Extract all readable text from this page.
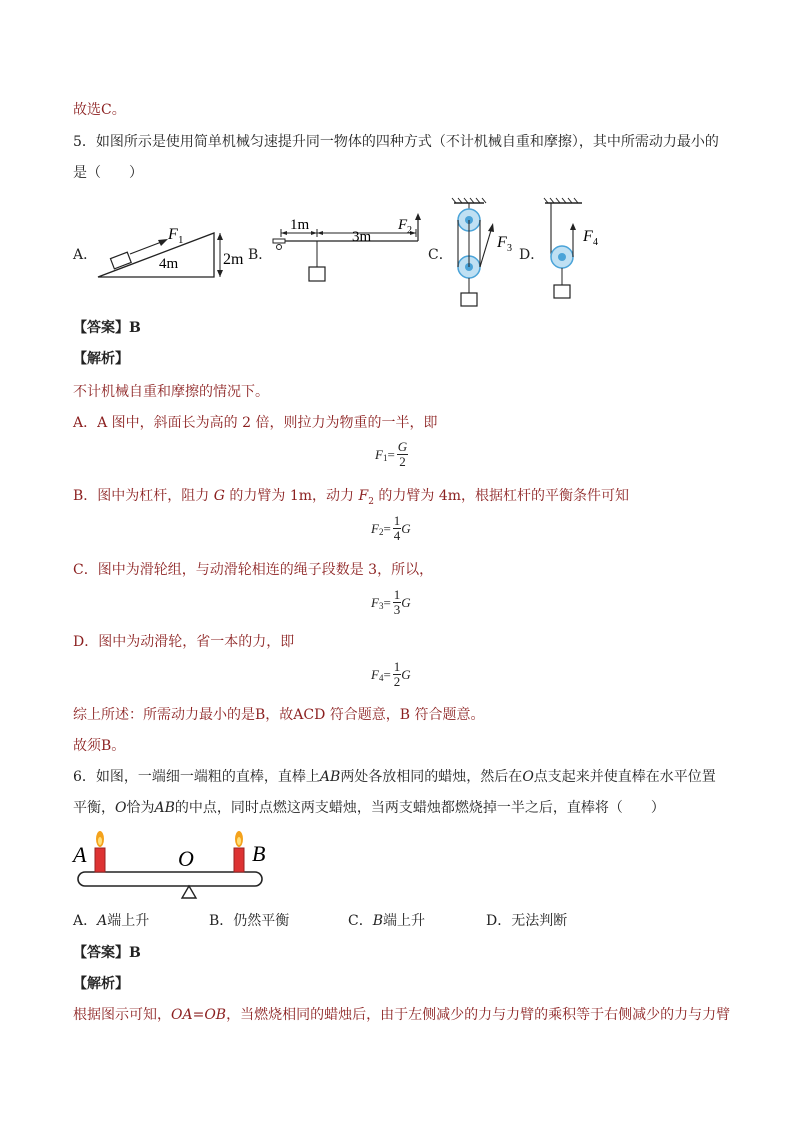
故选C。
5．如图所示是使用简单机械匀速提升同一物体的四种方式（不计机械自重和摩擦），其中所需动力最小的
是（　　）
A．	B．	C．	D．
F 1
4m	2m
1m
3m
F 2
F 3
F 4
【答案】B
【解析】
不计机械自重和摩擦的情况下。
A．A 图中，斜面长为高的 2 倍，则拉力为物重的一半，即
$F_1= \frac{G}{2}$
B．图中为杠杆，阻力 G 的力臂为 1m，动力 $F_2$ 的力臂为 4m，根据杠杆的平衡条件可知
$F_2= \frac{1}{4}$ G
C．图中为滑轮组，与动滑轮相连的绳子段数是 3，所以，
$F_3= \frac{1}{3}$ G
D．图中为动滑轮，省一本的力，即
$F_4= \frac{1}{2}$ G
综上所述：所需动力最小的是B，故ACD 符合题意，B 符合题意。
故须B。
6．如图，一端细一端粗的直棒，直棒上AB两处各放相同的蜡烛，然后在O点支起来并使直棒在水平位置
平衡，O恰为AB的中点，同时点燃这两支蜡烛，当两支蜡烛都燃烧掉一半之后，直棒将（　　）
A	O	B
A．A端上升	B．仍然平衡	C．B端上升	D．无法判断
【答案】B
【解析】
根据图示可知，OA=OB，当燃烧相同的蜡烛后，由于左侧减少的力与力臂的乘积等于右侧减少的力与力臂
